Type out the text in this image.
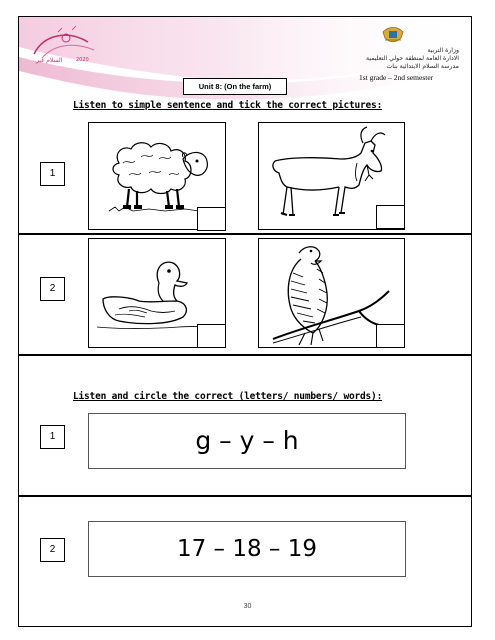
السلام غير	2020
وزارة التربية
الادارة العامة لمنطقة حولي التعليمية
مدرسة السلام الابتدائية بنات
1st grade – 2nd semester
Unit 8: (On the farm)
Listen to simple sentence and tick the correct pictures:
1
2
Listen and circle the correct (letters/ numbers/ words):
1	g – y – h
2	17 – 18 – 19
30
